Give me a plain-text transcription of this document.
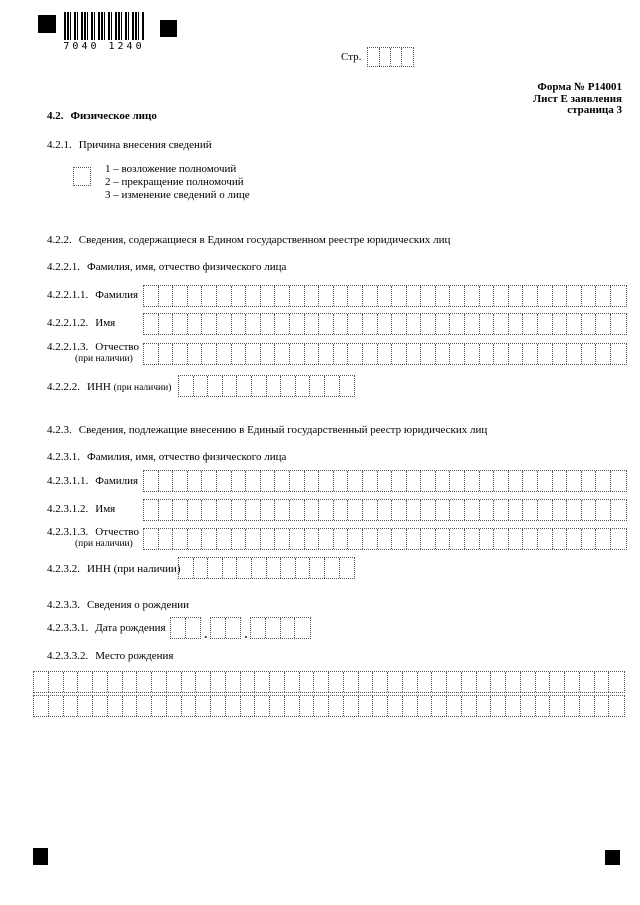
7040 1240
Стр.
Форма № Р14001
Лист Е заявления
страница 3
4.2. Физическое лицо
4.2.1. Причина внесения сведений
1 – возложение полномочий
2 – прекращение полномочий
3 – изменение сведений о лице
4.2.2. Сведения, содержащиеся в Едином государственном реестре юридических лиц
4.2.2.1. Фамилия, имя, отчество физического лица
4.2.2.1.1. Фамилия
4.2.2.1.2. Имя
4.2.2.1.3. Отчество
(при наличии)
4.2.2.2. ИНН (при наличии)
4.2.3. Сведения, подлежащие внесению в Единый государственный реестр юридических лиц
4.2.3.1. Фамилия, имя, отчество физического лица
4.2.3.1.1. Фамилия
4.2.3.1.2. Имя
4.2.3.1.3. Отчество
(при наличии)
4.2.3.2. ИНН (при наличии)
4.2.3.3. Сведения о рождении
4.2.3.3.1. Дата рождения	.	.
4.2.3.3.2. Место рождения
